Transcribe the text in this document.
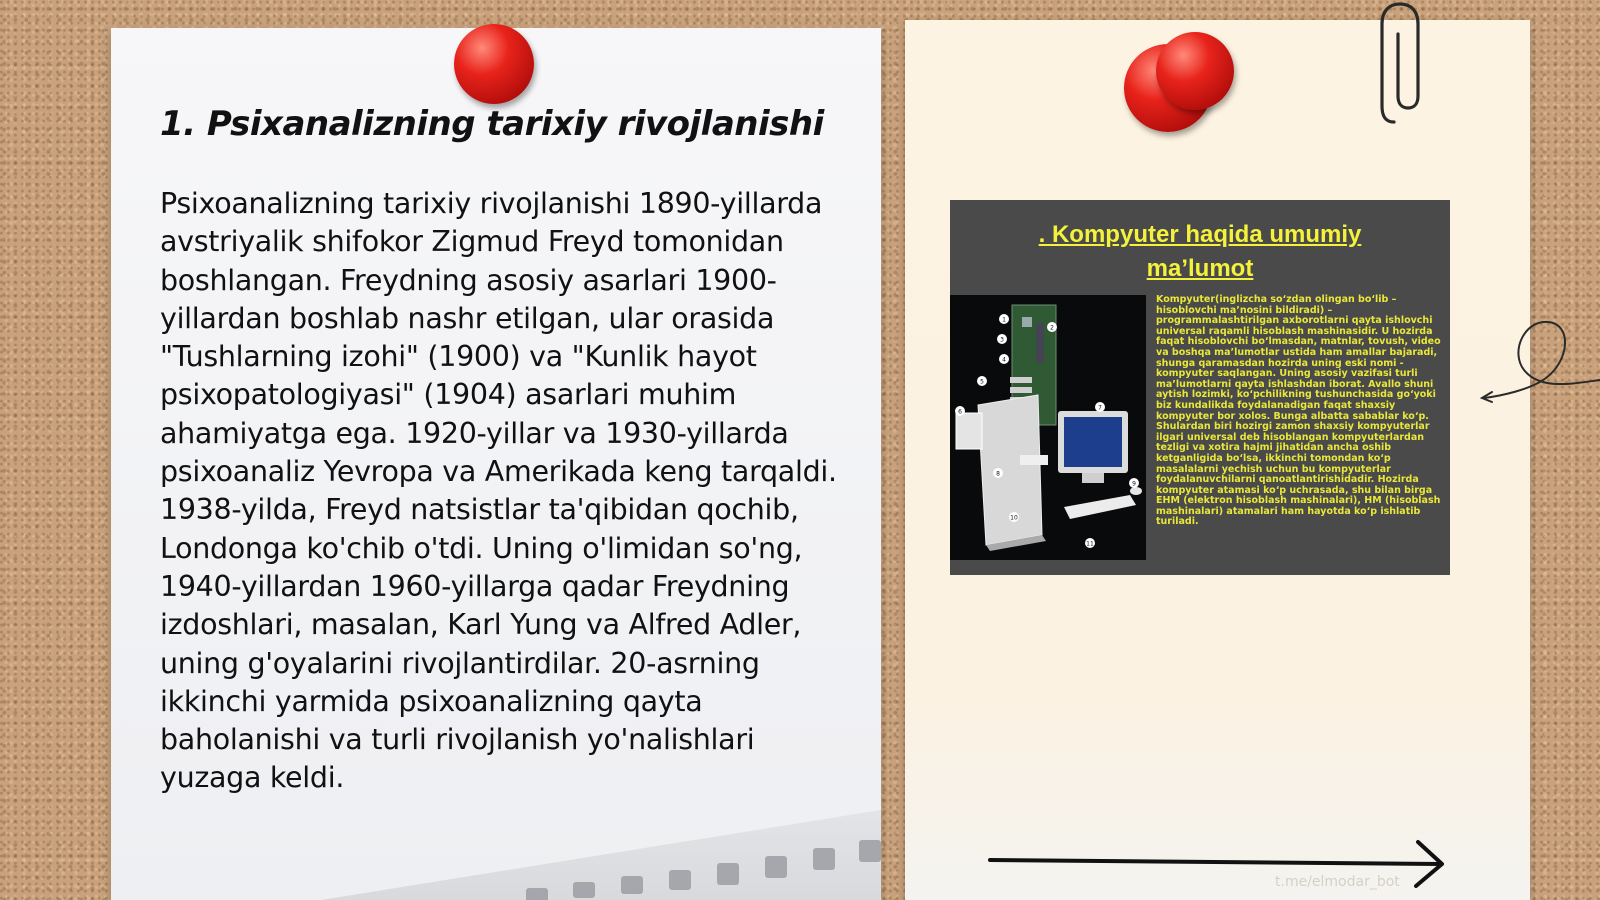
1. Psixanalizning tarixiy rivojlanishi

Psixoanalizning tarixiy rivojlanishi 1890-yillarda avstriyalik shifokor Zigmud Freyd tomonidan boshlangan. Freydning asosiy asarlari 1900-yillardan boshlab nashr etilgan, ular orasida "Tushlarning izohi" (1900) va "Kunlik hayot psixopatologiyasi" (1904) asarlari muhim ahamiyatga ega. 1920-yillar va 1930-yillarda psixoanaliz Yevropa va Amerikada keng tarqaldi. 1938-yilda, Freyd natsistlar ta'qibidan qochib, Londonga ko'chib o'tdi. Uning o'limidan so'ng, 1940-yillardan 1960-yillarga qadar Freydning izdoshlari, masalan, Karl Yung va Alfred Adler, uning g'oyalarini rivojlantirdilar. 20-asrning ikkinchi yarmida psixoanalizning qayta baholanishi va turli rivojlanish yo'nalishlari yuzaga keldi.

. Kompyuter haqida umumiy ma’lumot
1
2
3
4
5
6
7
8
9
10
11

Kompyuter(inglizcha so‘zdan olingan bo‘lib – hisoblovchi ma’nosini bildiradi) – programmalashtirilgan axborotlarni qayta ishlovchi universal raqamli hisoblash mashinasidir. U hozirda faqat hisoblovchi bo‘lmasdan, matnlar, tovush, video va boshqa ma’lumotlar ustida ham amallar bajaradi, shunga qaramasdan hozirda uning eski nomi - kompyuter saqlangan. Uning asosiy vazifasi turli ma’lumotlarni qayta ishlashdan iborat. Avallo shuni aytish lozimki, ko‘pchilikning tushunchasida go‘yoki biz kundalikda foydalanadigan faqat shaxsiy kompyuter bor xolos. Bunga albatta sabablar ko‘p. Shulardan biri hozirgi zamon shaxsiy kompyuterlar ilgari universal deb hisoblangan kompyuterlardan tezligi va xotira hajmi jihatidan ancha oshib ketganligida bo‘lsa, ikkinchi tomondan ko‘p masalalarni yechish uchun bu kompyuterlar foydalanuvchilarni qanoatlantirishidadir. Hozirda kompyuter atamasi ko‘p uchrasada, shu bilan birga EHM (elektron hisoblash mashinalari), HM (hisoblash mashinalari) atamalari ham hayotda ko‘p ishlatib turiladi.

t.me/elmodar_bot
